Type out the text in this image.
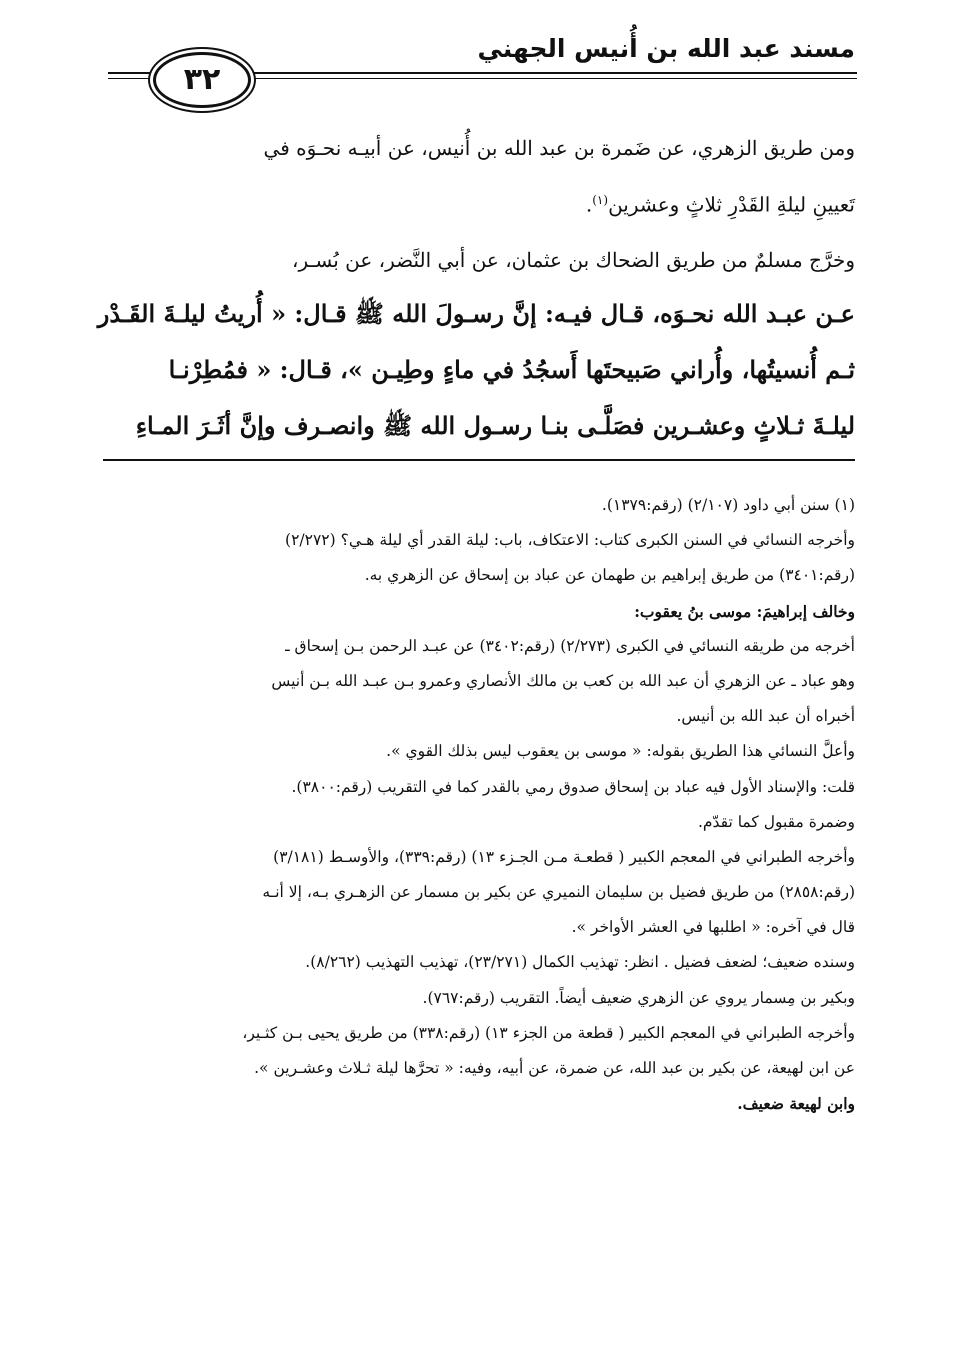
مسند عبد الله بن أُنيس الجهني
٣٢
ومن طريق الزهري، عن ضَمرة بن عبد الله بن أُنيس، عن أبيـه نحـوَه في
تَعيينِ ليلةِ القَدْرِ ثلاثٍ وعشرين$^{(١)}$.
وخرَّج مسلمٌ من طريق الضحاك بن عثمان، عن أبي النَّضر، عن بُسـر،
عـن عبـد الله نحـوَه، قـال فيـه: إنَّ رسـولَ الله ﷺ قـال: « أُريتُ ليلـةَ القَـدْر
ثـم أُنسيتُها، وأُراني صَبيحتَها أَسجُدُ في ماءٍ وطِيـن »، قـال: « فمُطِرْنـا
ليلـةَ ثـلاثٍ وعشـرين فصَلَّـى بنـا رسـول الله ﷺ وانصـرف وإنَّ أثَـرَ المـاءِ
(١) سنن أبي داود (٢/١٠٧) (رقم:١٣٧٩).
وأخرجه النسائي في السنن الكبرى كتاب: الاعتكاف، باب: ليلة القدر أي ليلة هـي؟ (٢/٢٧٢)
(رقم:٣٤٠١) من طريق إبراهيم بن طهمان عن عباد بن إسحاق عن الزهري به.
وخالف إبراهيمَ: موسى بنُ يعقوب:
أخرجه من طريقه النسائي في الكبرى (٢/٢٧٣) (رقم:٣٤٠٢) عن عبـد الرحمن بـن إسحاق ـ
وهو عباد ـ عن الزهري أن عبد الله بن كعب بن مالك الأنصاري وعمرو بـن عبـد الله بـن أنيس
أخبراه أن عبد الله بن أنيس.
وأعلَّ النسائي هذا الطريق بقوله: « موسى بن يعقوب ليس بذلك القوي ».
قلت: والإسناد الأول فيه عباد بن إسحاق صدوق رمي بالقدر كما في التقريب (رقم:٣٨٠٠).
وضمرة مقبول كما تقدّم.
وأخرجه الطبراني في المعجم الكبير ( قطعـة مـن الجـزء ١٣) (رقم:٣٣٩)، والأوسـط (٣/١٨١)
(رقم:٢٨٥٨) من طريق فضيل بن سليمان النميري عن بكير بن مسمار عن الزهـري بـه، إلا أنـه
قال في آخره: « اطلبها في العشر الأواخر ».
وسنده ضعيف؛ لضعف فضيل . انظر: تهذيب الكمال (٢٣/٢٧١)، تهذيب التهذيب (٨/٢٦٢).
وبكير بن مِسمار يروي عن الزهري ضعيف أيضاً. التقريب (رقم:٧٦٧).
وأخرجه الطبراني في المعجم الكبير ( قطعة من الجزء ١٣) (رقم:٣٣٨) من طريق يحيى بـن كثـير،
عن ابن لهيعة، عن بكير بن عبد الله، عن ضمرة، عن أبيه، وفيه: « تحرَّها ليلة ثـلاث وعشـرين ».
وابن لهيعة ضعيف.
